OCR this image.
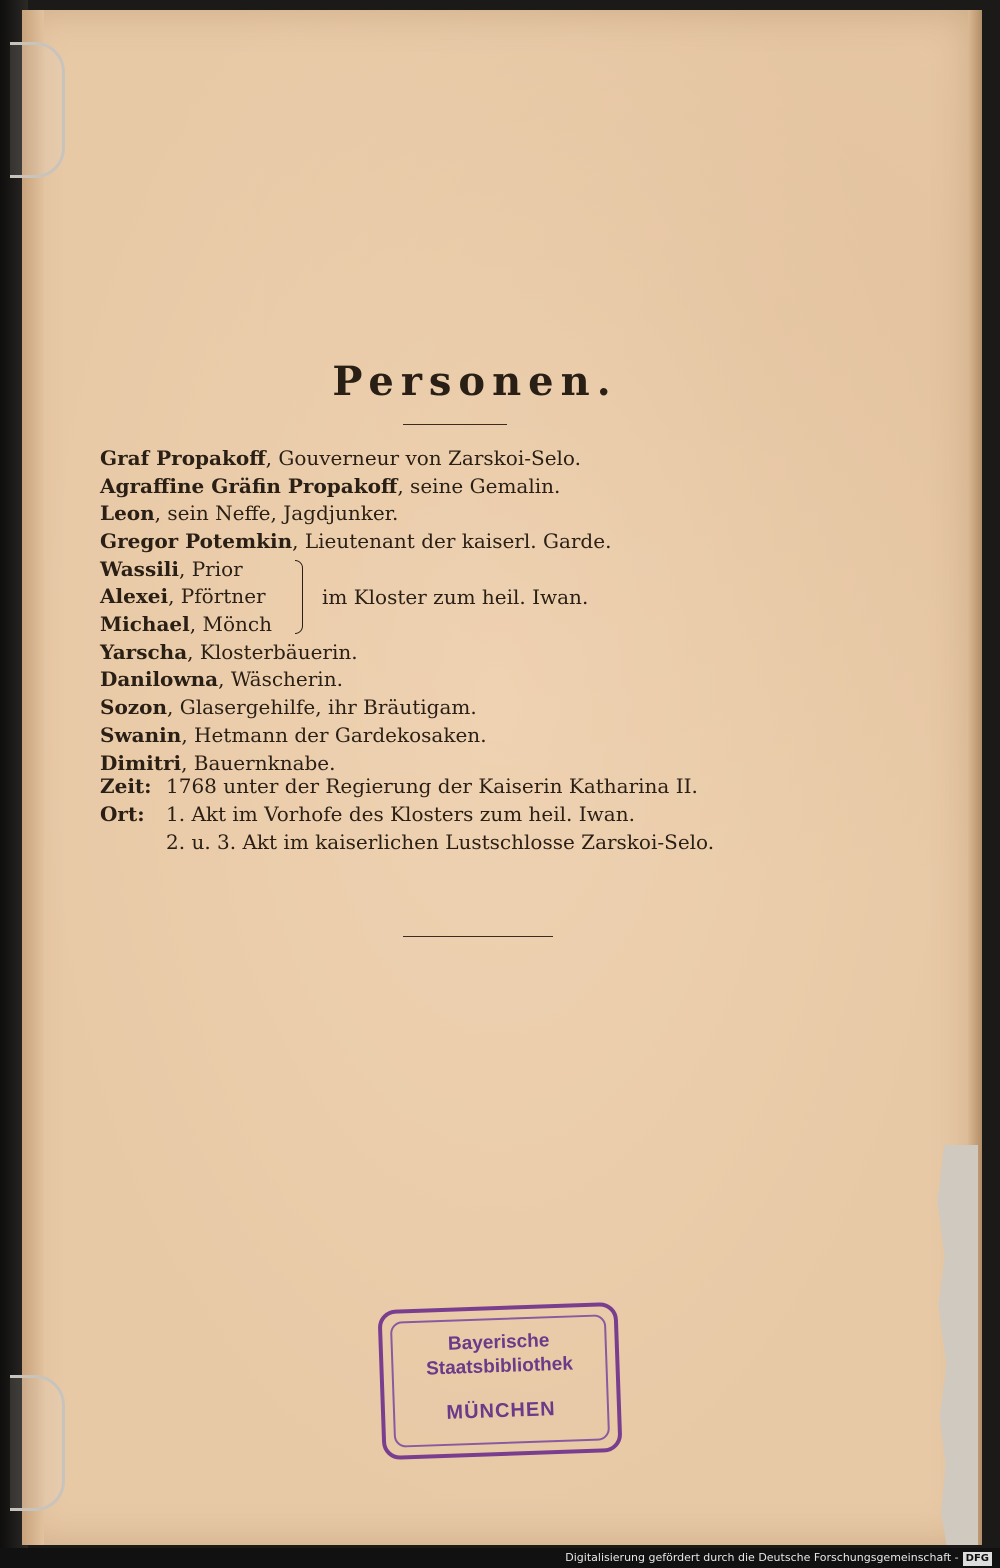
Personen.
Graf Propakoff, Gouverneur von Zarskoi-Selo.
Agraffine Gräfin Propakoff, seine Gemalin.
Leon, sein Neffe, Jagdjunker.
Gregor Potemkin, Lieutenant der kaiserl. Garde.
Wassili, Prior
Alexei, Pförtner
Michael, Mönch
im Kloster zum heil. Iwan.
Yarscha, Klosterbäuerin.
Danilowna, Wäscherin.
Sozon, Glasergehilfe, ihr Bräutigam.
Swanin, Hetmann der Gardekosaken.
Dimitri, Bauernknabe.
Zeit: 1768 unter der Regierung der Kaiserin Katharina II.
Ort: 1. Akt im Vorhofe des Klosters zum heil. Iwan.
2. u. 3. Akt im kaiserlichen Lustschlosse Zarskoi-Selo.
Bayerische
Staatsbibliothek
MÜNCHEN
Digitalisierung gefördert durch die Deutsche Forschungsgemeinschaft - DFG
